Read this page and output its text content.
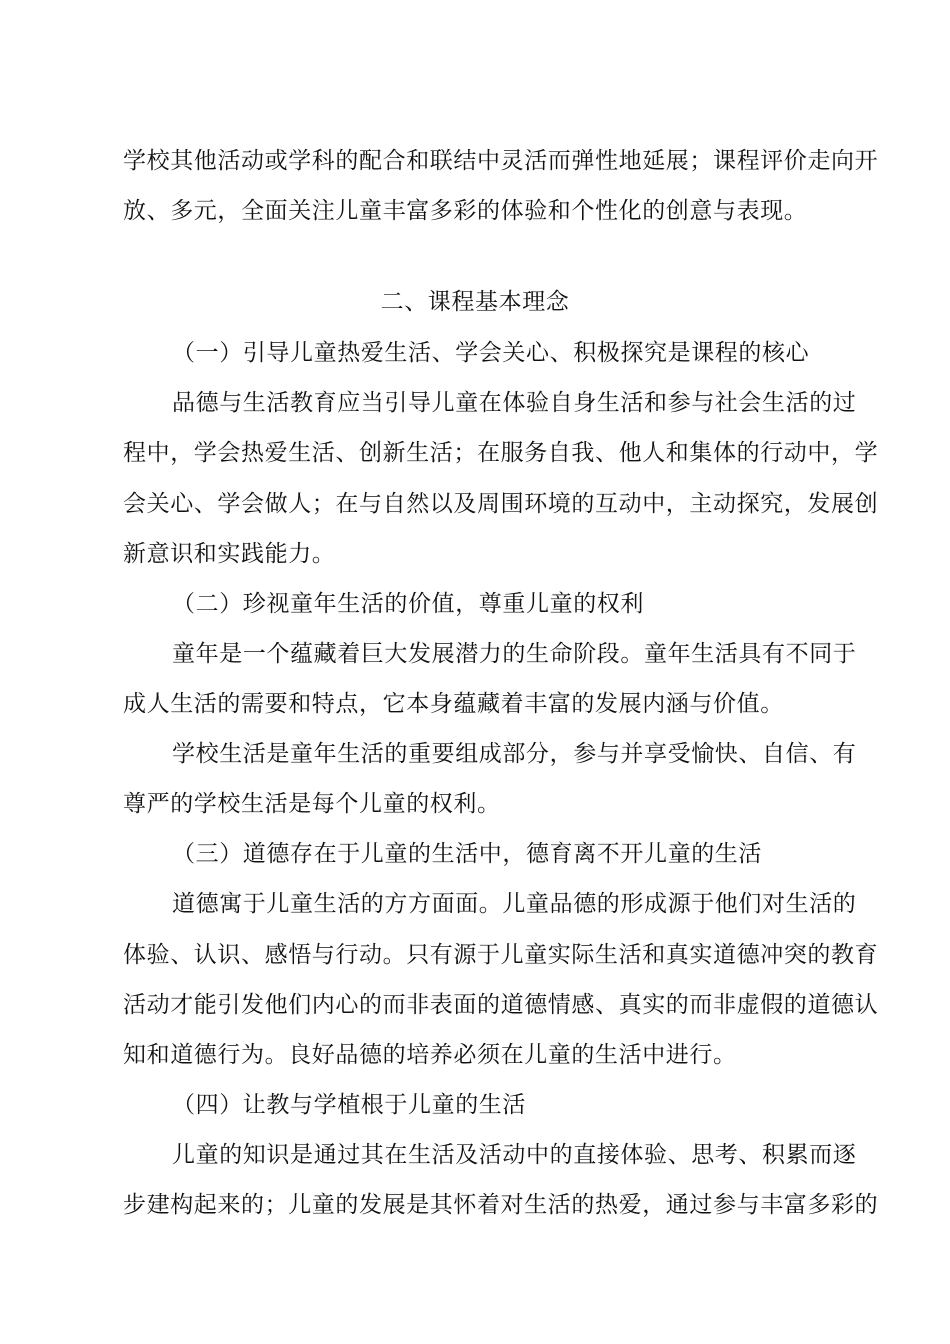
学校其他活动或学科的配合和联结中灵活而弹性地延展；课程评价走向开
放、多元，全面关注儿童丰富多彩的体验和个性化的创意与表现。
二、课程基本理念
（一）引导儿童热爱生活、学会关心、积极探究是课程的核心
品德与生活教育应当引导儿童在体验自身生活和参与社会生活的过
程中，学会热爱生活、创新生活；在服务自我、他人和集体的行动中，学
会关心、学会做人；在与自然以及周围环境的互动中，主动探究，发展创
新意识和实践能力。
（二）珍视童年生活的价值，尊重儿童的权利
童年是一个蕴藏着巨大发展潜力的生命阶段。童年生活具有不同于
成人生活的需要和特点，它本身蕴藏着丰富的发展内涵与价值。
学校生活是童年生活的重要组成部分，参与并享受愉快、自信、有
尊严的学校生活是每个儿童的权利。
（三）道德存在于儿童的生活中，德育离不开儿童的生活
道德寓于儿童生活的方方面面。儿童品德的形成源于他们对生活的
体验、认识、感悟与行动。只有源于儿童实际生活和真实道德冲突的教育
活动才能引发他们内心的而非表面的道德情感、真实的而非虚假的道德认
知和道德行为。良好品德的培养必须在儿童的生活中进行。
（四）让教与学植根于儿童的生活
儿童的知识是通过其在生活及活动中的直接体验、思考、积累而逐
步建构起来的；儿童的发展是其怀着对生活的热爱，通过参与丰富多彩的
